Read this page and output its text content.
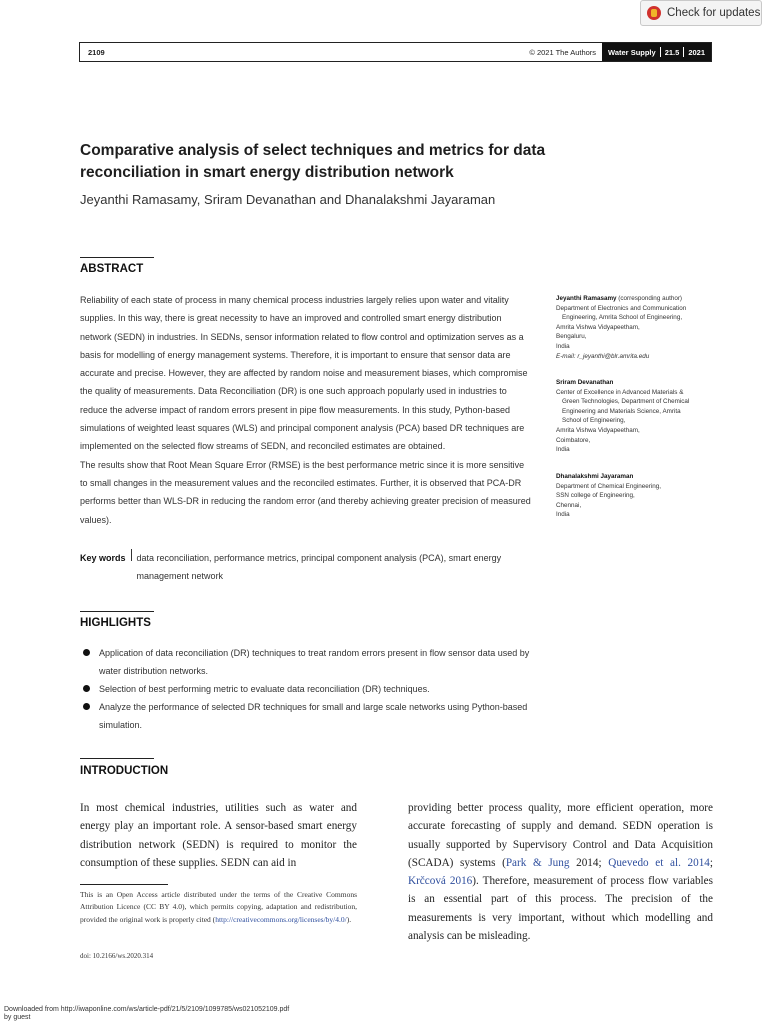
Check for updates
2109	© 2021 The Authors	Water Supply 21.5 2021
Comparative analysis of select techniques and metrics for data reconciliation in smart energy distribution network
Jeyanthi Ramasamy, Sriram Devanathan and Dhanalakshmi Jayaraman
ABSTRACT

Reliability of each state of process in many chemical process industries largely relies upon water and vitality supplies. In this way, there is great necessity to have an improved and controlled smart energy distribution network (SEDN) in industries. In SEDNs, sensor information related to flow control and optimization serves as a basis for modelling of energy management systems. Therefore, it is important to ensure that sensor data are accurate and precise. However, they are affected by random noise and measurement biases, which compromise the quality of measurements. Data Reconciliation (DR) is one such approach popularly used in industries to reduce the adverse impact of random errors present in pipe flow measurements. In this study, Python-based simulations of weighted least squares (WLS) and principal component analysis (PCA) based DR techniques are implemented on the selected flow streams of SEDN, and reconciled estimates are obtained.

The results show that Root Mean Square Error (RMSE) is the best performance metric since it is more sensitive to small changes in the measurement values and the reconciled estimates. Further, it is observed that PCA-DR performs better than WLS-DR in reducing the random error (and thereby achieving greater precision of measured values).

Key words data reconciliation, performance metrics, principal component analysis (PCA), smart energy management network
Jeyanthi Ramasamy (corresponding author)
Department of Electronics and Communication
Engineering, Amrita School of Engineering,
Amrita Vishwa Vidyapeetham,
Bengaluru,
India
E-mail: r_jeyanthi@blr.amrita.edu
Sriram Devanathan
Center of Excellence in Advanced Materials &
Green Technologies, Department of Chemical
Engineering and Materials Science, Amrita
School of Engineering,
Amrita Vishwa Vidyapeetham,
Coimbatore,
India
Dhanalakshmi Jayaraman
Department of Chemical Engineering,
SSN college of Engineering,
Chennai,
India
HIGHLIGHTS
Application of data reconciliation (DR) techniques to treat random errors present in flow sensor data used by water distribution networks.
Selection of best performing metric to evaluate data reconciliation (DR) techniques.
Analyze the performance of selected DR techniques for small and large scale networks using Python-based simulation.
INTRODUCTION

In most chemical industries, utilities such as water and energy play an important role. A sensor-based smart energy distribution network (SEDN) is required to monitor the consumption of these supplies. SEDN can aid in

providing better process quality, more efficient operation, more accurate forecasting of supply and demand. SEDN operation is usually supported by Supervisory Control and Data Acquisition (SCADA) systems (Park & Jung 2014; Quevedo et al. 2014; Krčcová 2016). Therefore, measurement of process flow variables is an essential part of this process. The precision of the measurements is very important, without which modelling and analysis can be misleading.

This is an Open Access article distributed under the terms of the Creative Commons Attribution Licence (CC BY 4.0), which permits copying, adaptation and redistribution, provided the original work is properly cited (http://creativecommons.org/licenses/by/4.0/).
doi: 10.2166/ws.2020.314
Downloaded from http://iwaponline.com/ws/article-pdf/21/5/2109/1099785/ws021052109.pdf
by guest
